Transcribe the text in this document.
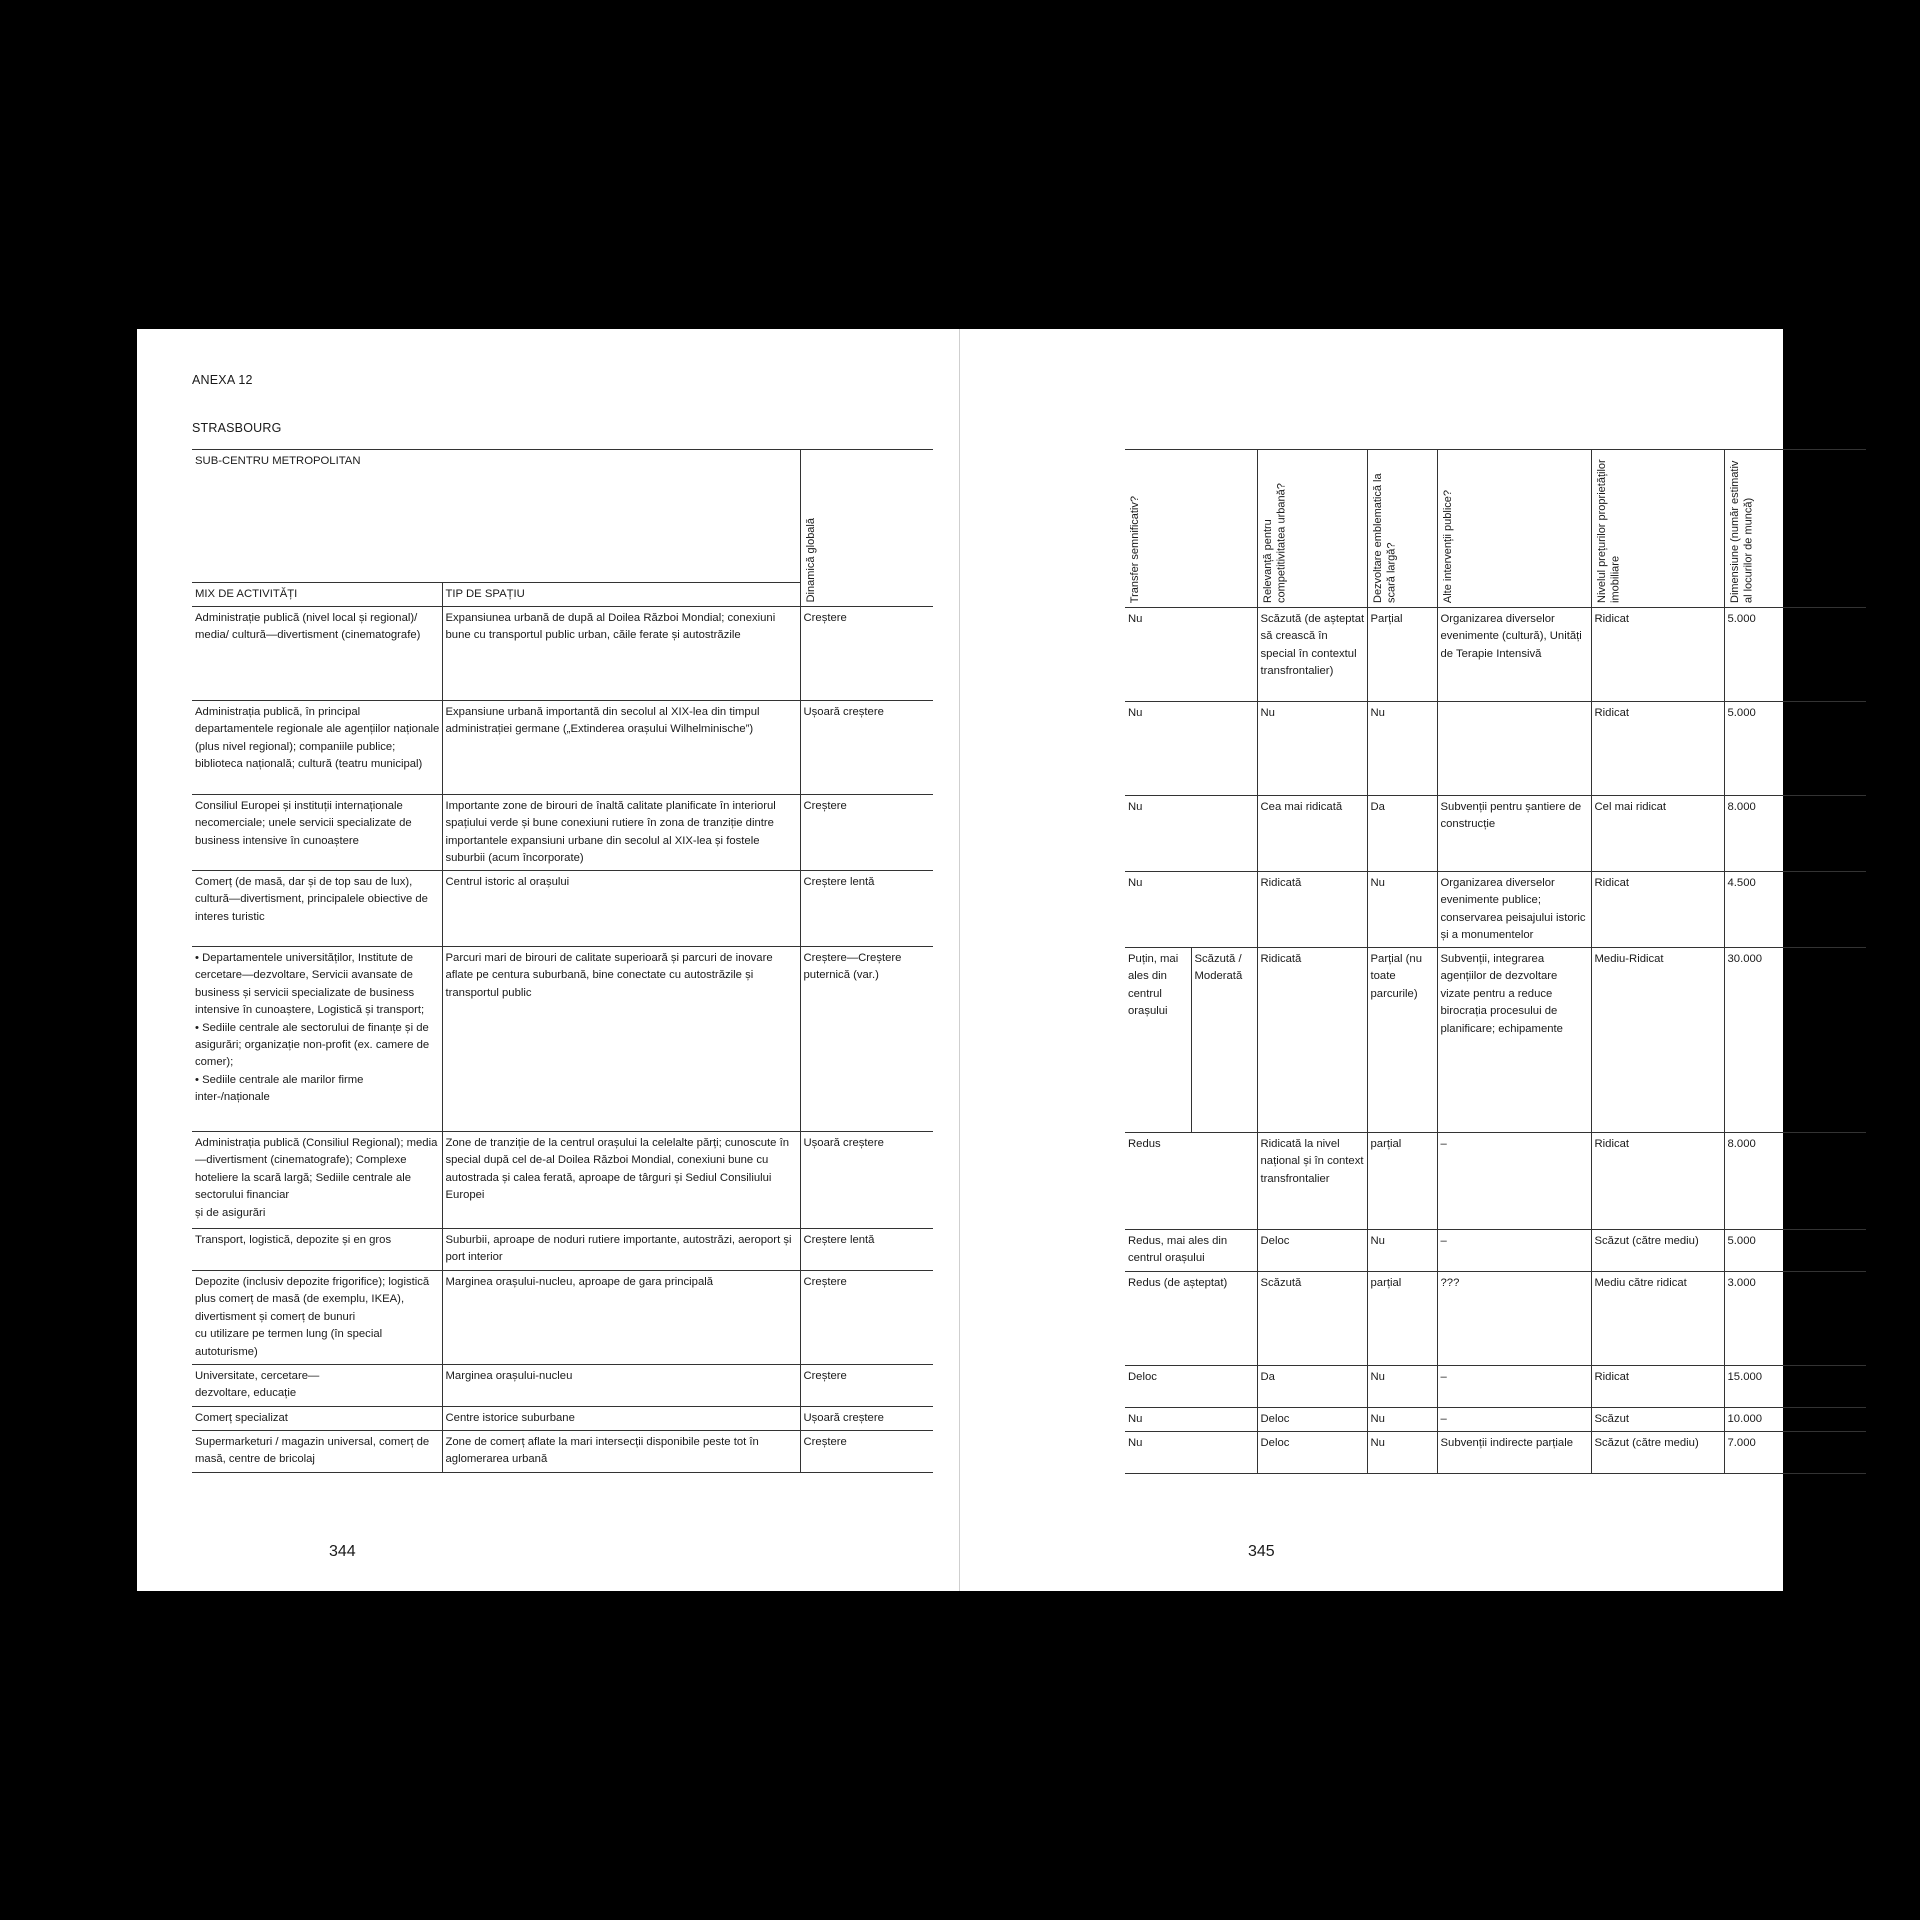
ANEXA 12
STRASBOURG
SUB-CENTRU METROPOLITAN		Dinamică globală

MIX DE ACTIVITĂȚI	TIP DE SPAȚIU	
Administrație publică (nivel local și regional)/ media/ cultură—divertisment (cinematografe)	Expansiunea urbană de după al Doilea Război Mondial; conexiuni bune cu transportul public urban, căile ferate și autostrăzile	Creștere
Administrația publică, în principal departamentele regionale ale agențiilor naționale (plus nivel regional); companiile publice; biblioteca națională; cultură (teatru municipal)	Expansiune urbană importantă din secolul al XIX-lea din timpul administrației germane („Extinderea orașului Wilhelminische”)	Ușoară creștere
Consiliul Europei și instituții internaționale necomerciale; unele servicii specializate de business intensive în cunoaștere	Importante zone de birouri de înaltă calitate planificate în interiorul spațiului verde și bune conexiuni rutiere în zona de tranziție dintre importantele expansiuni urbane din secolul al XIX-lea și fostele suburbii (acum încorporate)	Creștere
Comerț (de masă, dar și de top sau de lux), cultură—divertisment, principalele obiective de interes turistic	Centrul istoric al orașului	Creștere lentă
• Departamentele universităților, Institute de cercetare—dezvoltare, Servicii avansate de business și servicii specializate de business intensive în cunoaștere, Logistică și transport;
• Sediile centrale ale sectorului de finanțe și de asigurări; organizație non-profit (ex. camere de comer);
• Sediile centrale ale marilor firme inter-/naționale	Parcuri mari de birouri de calitate superioară și parcuri de inovare aflate pe centura suburbană, bine conectate cu autostrăzile și transportul public	Creștere—Creștere puternică (var.)
Administrația publică (Consiliul Regional); media—divertisment (cinematografe); Complexe hoteliere la scară largă; Sediile centrale ale sectorului financiar
și de asigurări	Zone de tranziție de la centrul orașului la celelalte părți; cunoscute în special după cel de-al Doilea Război Mondial, conexiuni bune cu autostrada și calea ferată, aproape de târguri și Sediul Consiliului Europei	Ușoară creștere
Transport, logistică, depozite și en gros	Suburbii, aproape de noduri rutiere importante, autostrăzi, aeroport și port interior	Creștere lentă
Depozite (inclusiv depozite frigorifice); logistică plus comerț de masă (de exemplu, IKEA), divertisment și comerț de bunuri
cu utilizare pe termen lung (în special autoturisme)	Marginea orașului-nucleu, aproape de gara principală	Creștere
Universitate, cercetare—
dezvoltare, educație	Marginea orașului-nucleu	Creștere
Comerț specializat	Centre istorice suburbane	Ușoară creștere
Supermarketuri / magazin universal, comerț de masă, centre de bricolaj	Zone de comerț aflate la mari intersecții disponibile peste tot în aglomerarea urbană	Creștere
344
Transfer semnificativ?		Relevanță pentru competitivitatea urbană?	Dezvoltare emblematică la scară largă?	Alte intervenții publice?	Nivelul prețurilor proprietăților imobiliare	Dimensiune (număr estimativ al locurilor de muncă)

Nu		Scăzută (de așteptat să crească în special în contextul transfrontalier)	Parțial	Organizarea diverselor evenimente (cultură), Unități de Terapie Intensivă	Ridicat	5.000
Nu		Nu	Nu		Ridicat	5.000
Nu		Cea mai ridicată	Da	Subvenții pentru șantiere de construcție	Cel mai ridicat	8.000
Nu		Ridicată	Nu	Organizarea diverselor evenimente publice; conservarea peisajului istoric și a monumentelor	Ridicat	4.500
Puțin, mai ales din centrul orașului	Scăzută / Moderată	Ridicată	Parțial (nu toate parcurile)	Subvenții, integrarea agențiilor de dezvoltare vizate pentru a reduce birocrația procesului de planificare; echipamente	Mediu-Ridicat	30.000
Redus		Ridicată la nivel național și în context transfrontalier	parțial	–	Ridicat	8.000
Redus, mai ales din centrul orașului		Deloc	Nu	–	Scăzut (către mediu)	5.000
Redus (de așteptat)		Scăzută	parțial	???	Mediu către ridicat	3.000
Deloc		Da	Nu	–	Ridicat	15.000
Nu		Deloc	Nu	–	Scăzut	10.000
Nu		Deloc	Nu	Subvenții indirecte parțiale	Scăzut (către mediu)	7.000
345
